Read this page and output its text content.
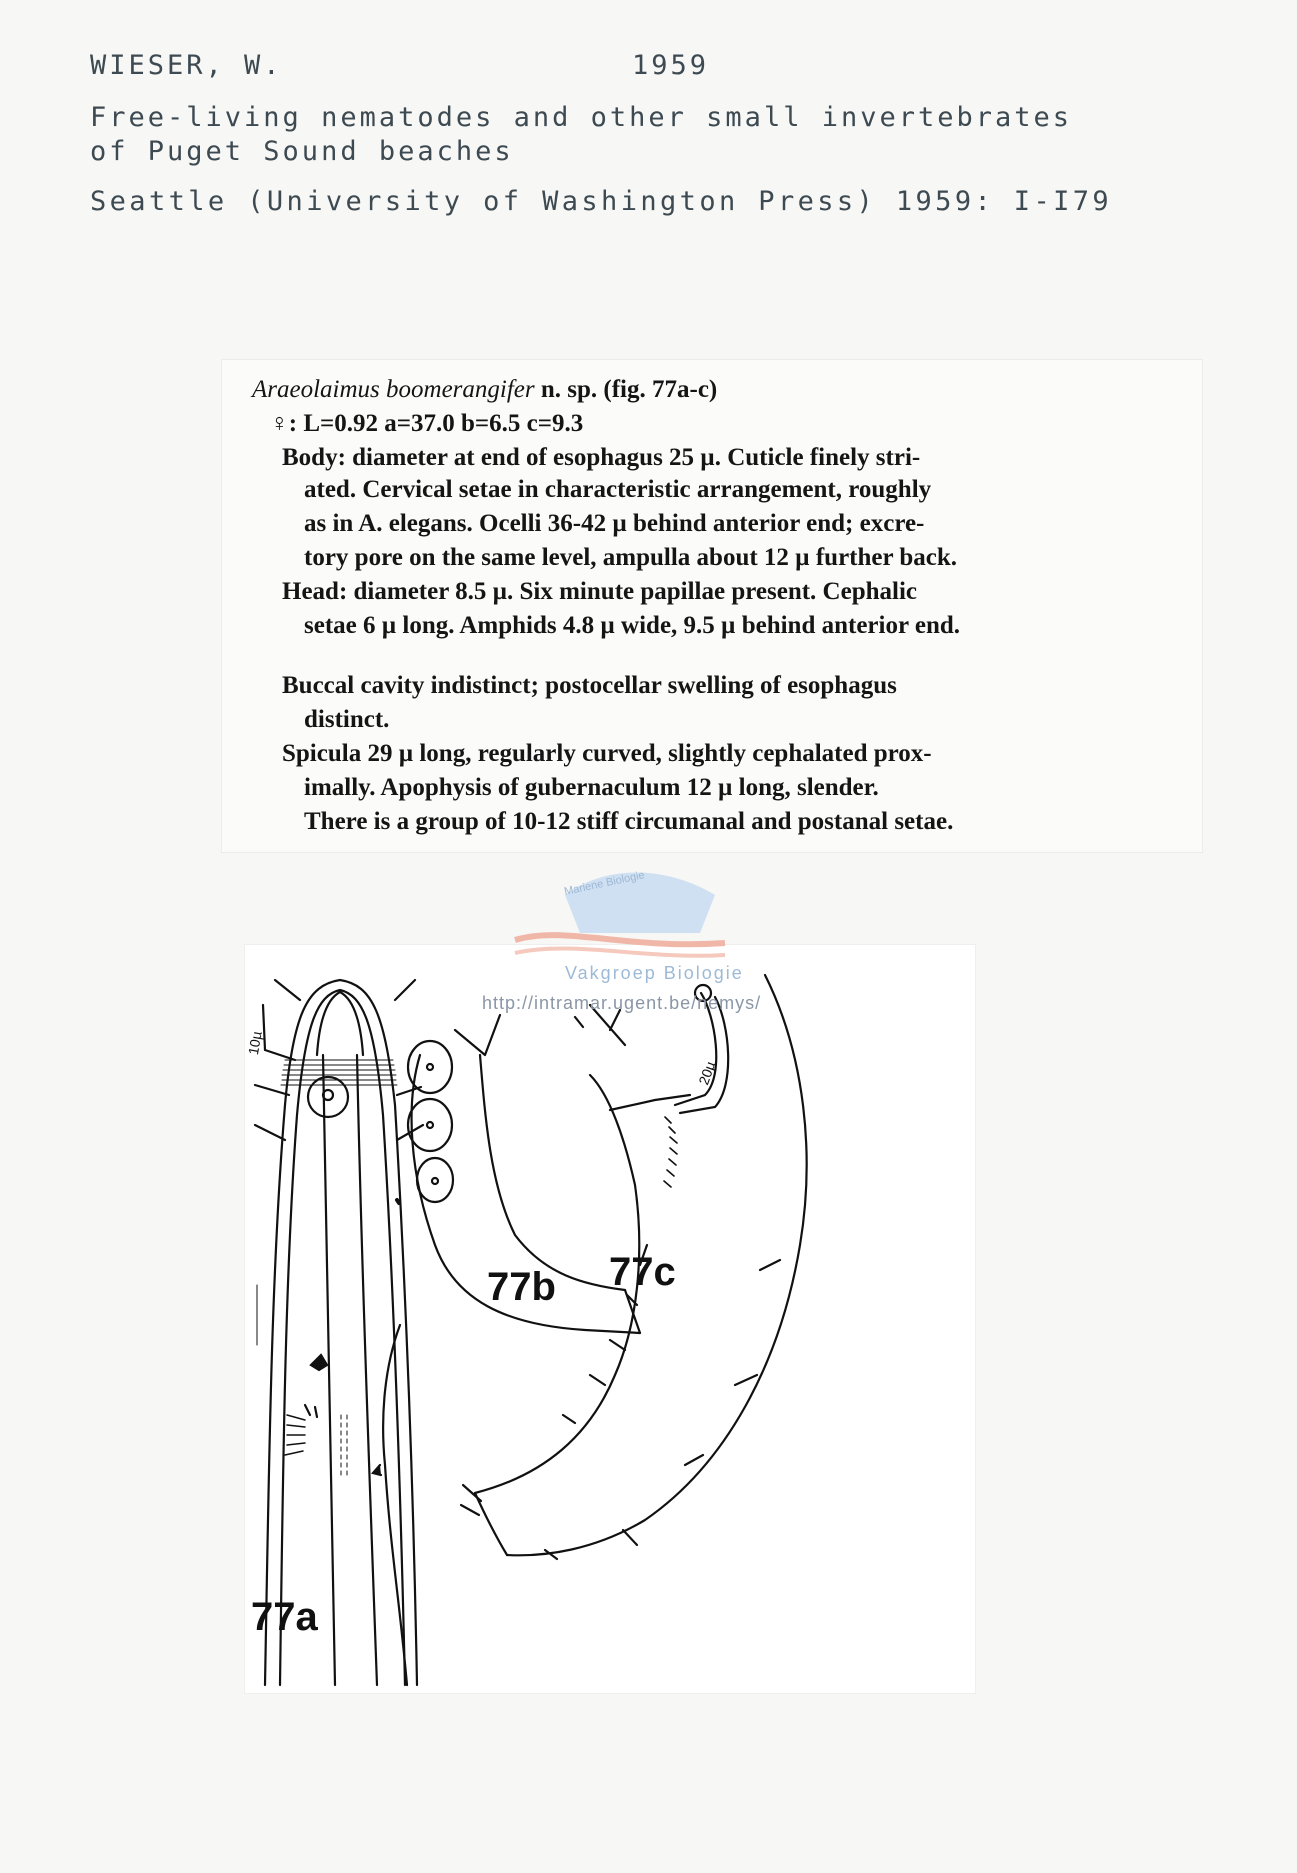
WIESER, W.	1959
Free-living nematodes and other small invertebrates
of Puget Sound beaches
Seattle (University of Washington Press) 1959: I-I79
Araeolaimus boomerangifer n. sp. (fig. 77a-c)
♀: L=0.92 a=37.0 b=6.5 c=9.3
Body: diameter at end of esophagus 25 µ. Cuticle finely stri-
ated. Cervical setae in characteristic arrangement, roughly
as in A. elegans. Ocelli 36-42 µ behind anterior end; excre-
tory pore on the same level, ampulla about 12 µ further back.
Head: diameter 8.5 µ. Six minute papillae present. Cephalic
setae 6 µ long. Amphids 4.8 µ wide, 9.5 µ behind anterior end.
Buccal cavity indistinct; postocellar swelling of esophagus
distinct.
Spicula 29 µ long, regularly curved, slightly cephalated prox-
imally. Apophysis of gubernaculum 12 µ long, slender.
There is a group of 10-12 stiff circumanal and postanal setae.
77a
77b 77c
10µ
20µ
Mariene Biologie
Vakgroep Biologie
http://intramar.ugent.be/nemys/
